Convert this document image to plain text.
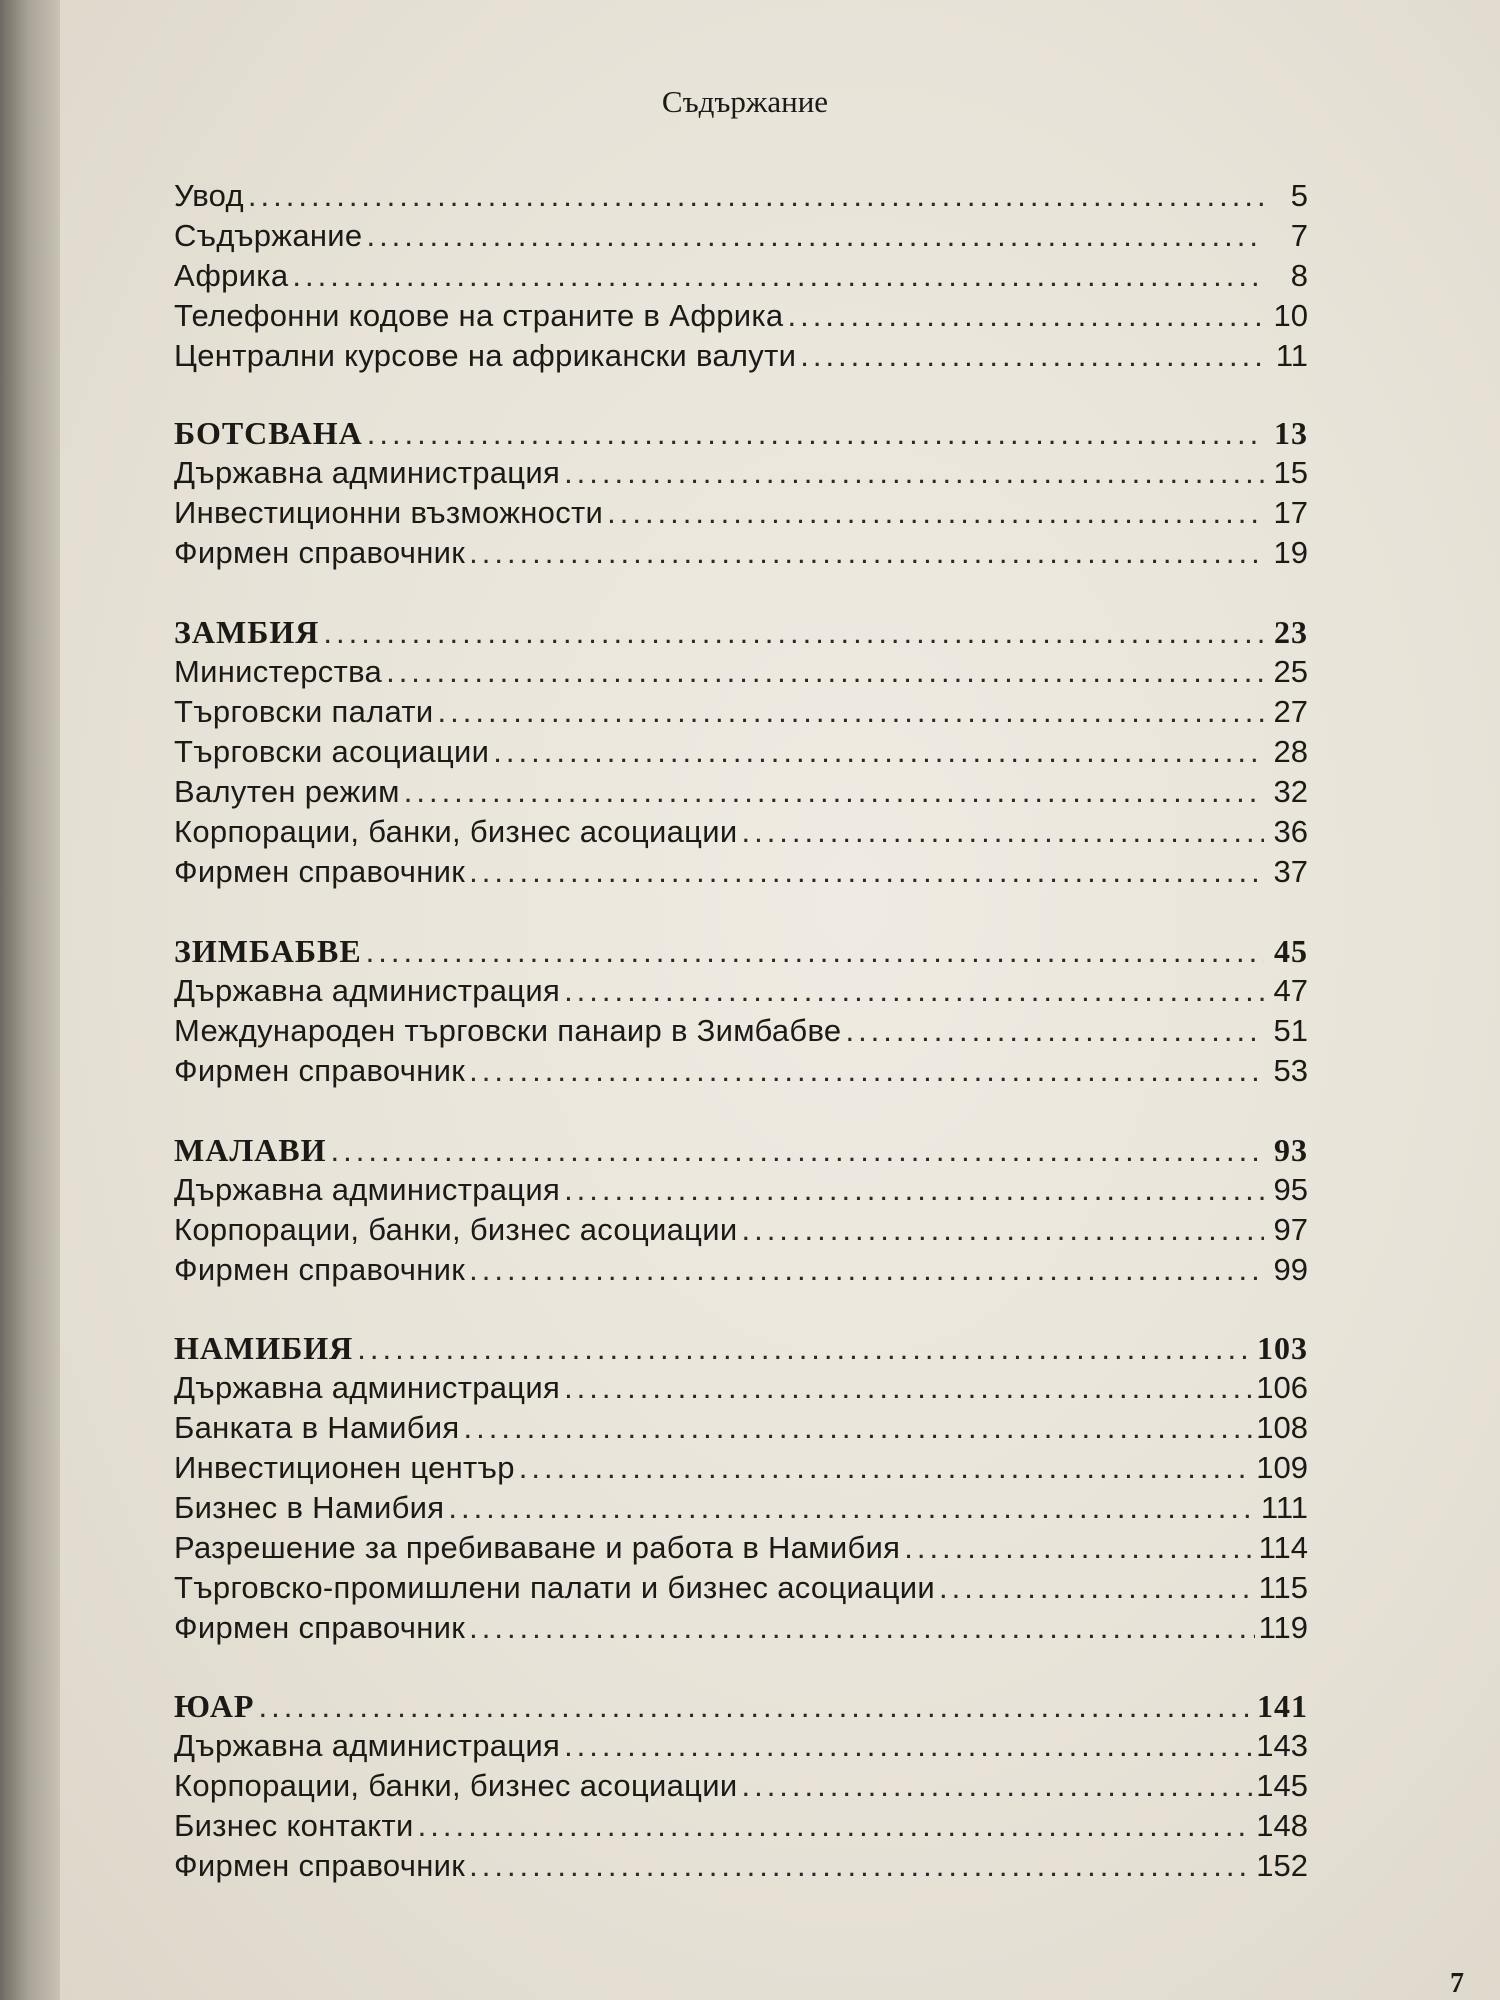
Съдържание
Увод .....	5
Съдържание .....	7
Африка .....	8
Телефонни кодове на страните в Африка .....	10
Централни курсове на африкански валути .....	11
БОТСВАНА .....	13
Държавна администрация .....	15
Инвестиционни възможности .....	17
Фирмен справочник .....	19
ЗАМБИЯ .....	23
Министерства .....	25
Търговски палати .....	27
Търговски асоциации .....	28
Валутен режим .....	32
Корпорации, банки, бизнес асоциации .....	36
Фирмен справочник .....	37
ЗИМБАБВЕ .....	45
Държавна администрация .....	47
Международен търговски панаир в Зимбабве .....	51
Фирмен справочник .....	53
МАЛАВИ .....	93
Държавна администрация .....	95
Корпорации, банки, бизнес асоциации .....	97
Фирмен справочник .....	99
НАМИБИЯ .....	103
Държавна администрация .....	106
Банката в Намибия .....	108
Инвестиционен център .....	109
Бизнес в Намибия .....	111
Разрешение за пребиваване и работа в Намибия .....	114
Търговско-промишлени палати и бизнес асоциации .....	115
Фирмен справочник .....	119
ЮАР .....	141
Държавна администрация .....	143
Корпорации, банки, бизнес асоциации .....	145
Бизнес контакти .....	148
Фирмен справочник .....	152
7
